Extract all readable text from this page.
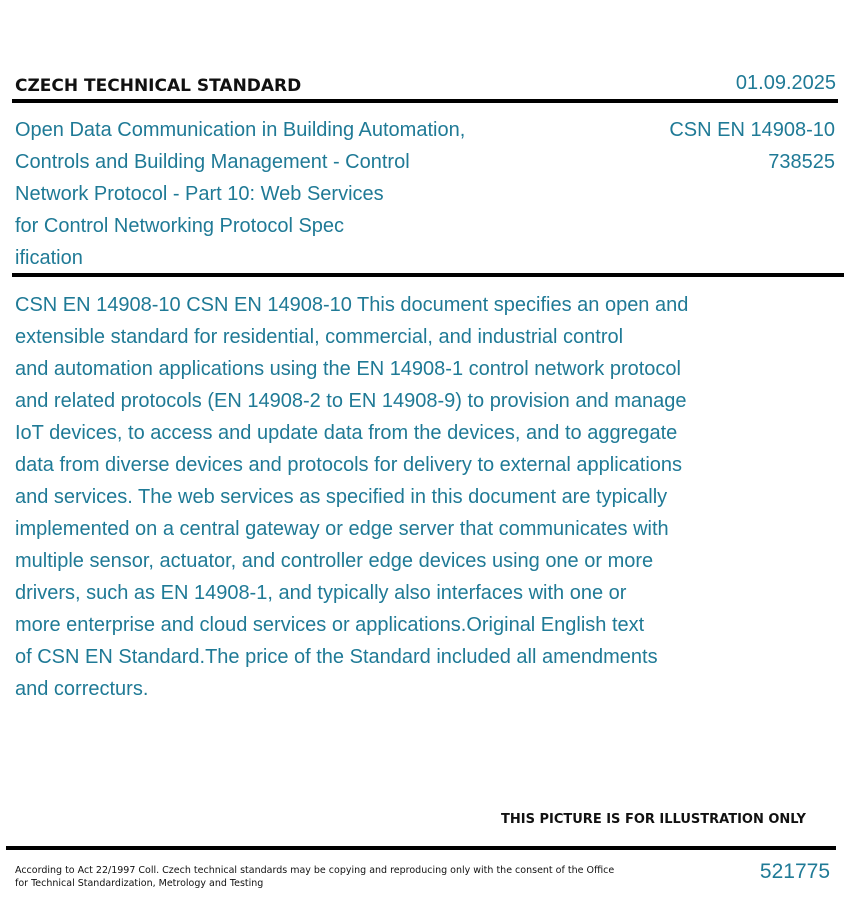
CZECH TECHNICAL STANDARD	01.09.2025
Open Data Communication in Building Automation,
Controls and Building Management - Control
Network Protocol - Part 10: Web Services
for Control Networking Protocol Spec
ification
CSN EN 14908-10
738525
CSN EN 14908-10 CSN EN 14908-10 This document specifies an open and
extensible standard for residential, commercial, and industrial control
and automation applications using the EN 14908-1 control network protocol
and related protocols (EN 14908-2 to EN 14908-9) to provision and manage
IoT devices, to access and update data from the devices, and to aggregate
data from diverse devices and protocols for delivery to external applications
and services. The web services as specified in this document are typically
implemented on a central gateway or edge server that communicates with
multiple sensor, actuator, and controller edge devices using one or more
drivers, such as EN 14908-1, and typically also interfaces with one or
more enterprise and cloud services or applications.Original English text
of CSN EN Standard.The price of the Standard included all amendments
and correcturs.
THIS PICTURE IS FOR ILLUSTRATION ONLY
According to Act 22/1997 Coll. Czech technical standards may be copying and reproducing only with the consent of the Office
for Technical Standardization, Metrology and Testing
521775
